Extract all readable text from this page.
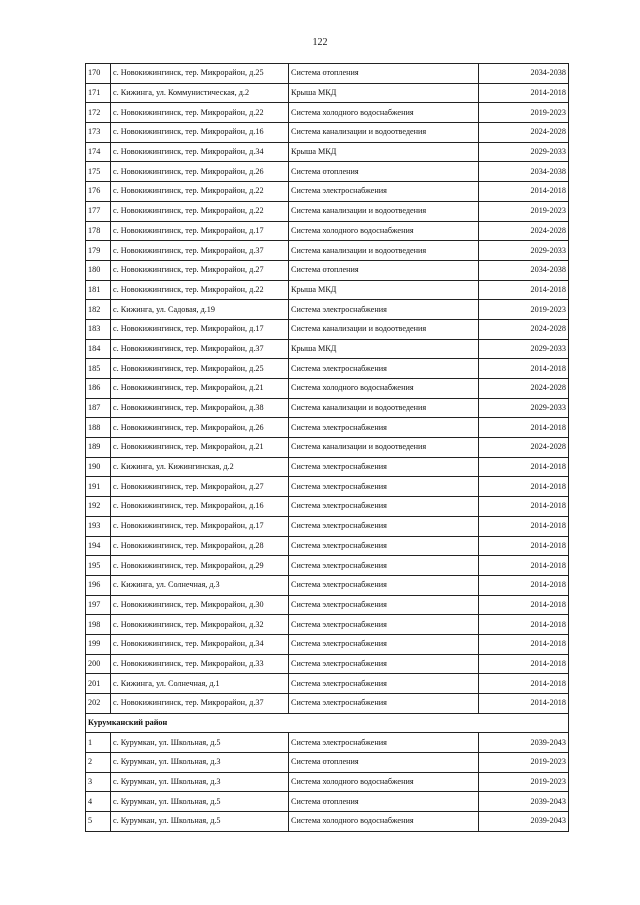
122
170	с. Новокижингинск, тер. Микрорайон, д.25	Система отопления	2034-2038
171	с. Кижинга, ул. Коммунистическая, д.2	Крыша МКД	2014-2018
172	с. Новокижингинск, тер. Микрорайон, д.22	Система холодного водоснабжения	2019-2023
173	с. Новокижингинск, тер. Микрорайон, д.16	Система канализации и водоотведения	2024-2028
174	с. Новокижингинск, тер. Микрорайон, д.34	Крыша МКД	2029-2033
175	с. Новокижингинск, тер. Микрорайон, д.26	Система отопления	2034-2038
176	с. Новокижингинск, тер. Микрорайон, д.22	Система электроснабжения	2014-2018
177	с. Новокижингинск, тер. Микрорайон, д.22	Система канализации и водоотведения	2019-2023
178	с. Новокижингинск, тер. Микрорайон, д.17	Система холодного водоснабжения	2024-2028
179	с. Новокижингинск, тер. Микрорайон, д.37	Система канализации и водоотведения	2029-2033
180	с. Новокижингинск, тер. Микрорайон, д.27	Система отопления	2034-2038
181	с. Новокижингинск, тер. Микрорайон, д.22	Крыша МКД	2014-2018
182	с. Кижинга, ул. Садовая, д.19	Система электроснабжения	2019-2023
183	с. Новокижингинск, тер. Микрорайон, д.17	Система канализации и водоотведения	2024-2028
184	с. Новокижингинск, тер. Микрорайон, д.37	Крыша МКД	2029-2033
185	с. Новокижингинск, тер. Микрорайон, д.25	Система электроснабжения	2014-2018
186	с. Новокижингинск, тер. Микрорайон, д.21	Система холодного водоснабжения	2024-2028
187	с. Новокижингинск, тер. Микрорайон, д.38	Система канализации и водоотведения	2029-2033
188	с. Новокижингинск, тер. Микрорайон, д.26	Система электроснабжения	2014-2018
189	с. Новокижингинск, тер. Микрорайон, д.21	Система канализации и водоотведения	2024-2028
190	с. Кижинга, ул. Кижингинская, д.2	Система электроснабжения	2014-2018
191	с. Новокижингинск, тер. Микрорайон, д.27	Система электроснабжения	2014-2018
192	с. Новокижингинск, тер. Микрорайон, д.16	Система электроснабжения	2014-2018
193	с. Новокижингинск, тер. Микрорайон, д.17	Система электроснабжения	2014-2018
194	с. Новокижингинск, тер. Микрорайон, д.28	Система электроснабжения	2014-2018
195	с. Новокижингинск, тер. Микрорайон, д.29	Система электроснабжения	2014-2018
196	с. Кижинга, ул. Солнечная, д.3	Система электроснабжения	2014-2018
197	с. Новокижингинск, тер. Микрорайон, д.30	Система электроснабжения	2014-2018
198	с. Новокижингинск, тер. Микрорайон, д.32	Система электроснабжения	2014-2018
199	с. Новокижингинск, тер. Микрорайон, д.34	Система электроснабжения	2014-2018
200	с. Новокижингинск, тер. Микрорайон, д.33	Система электроснабжения	2014-2018
201	с. Кижинга, ул. Солнечная, д.1	Система электроснабжения	2014-2018
202	с. Новокижингинск, тер. Микрорайон, д.37	Система электроснабжения	2014-2018
Курумканский район			
1	с. Курумкан, ул. Школьная, д.5	Система электроснабжения	2039-2043
2	с. Курумкан, ул. Школьная, д.3	Система отопления	2019-2023
3	с. Курумкан, ул. Школьная, д.3	Система холодного водоснабжения	2019-2023
4	с. Курумкан, ул. Школьная, д.5	Система отопления	2039-2043
5	с. Курумкан, ул. Школьная, д.5	Система холодного водоснабжения	2039-2043
